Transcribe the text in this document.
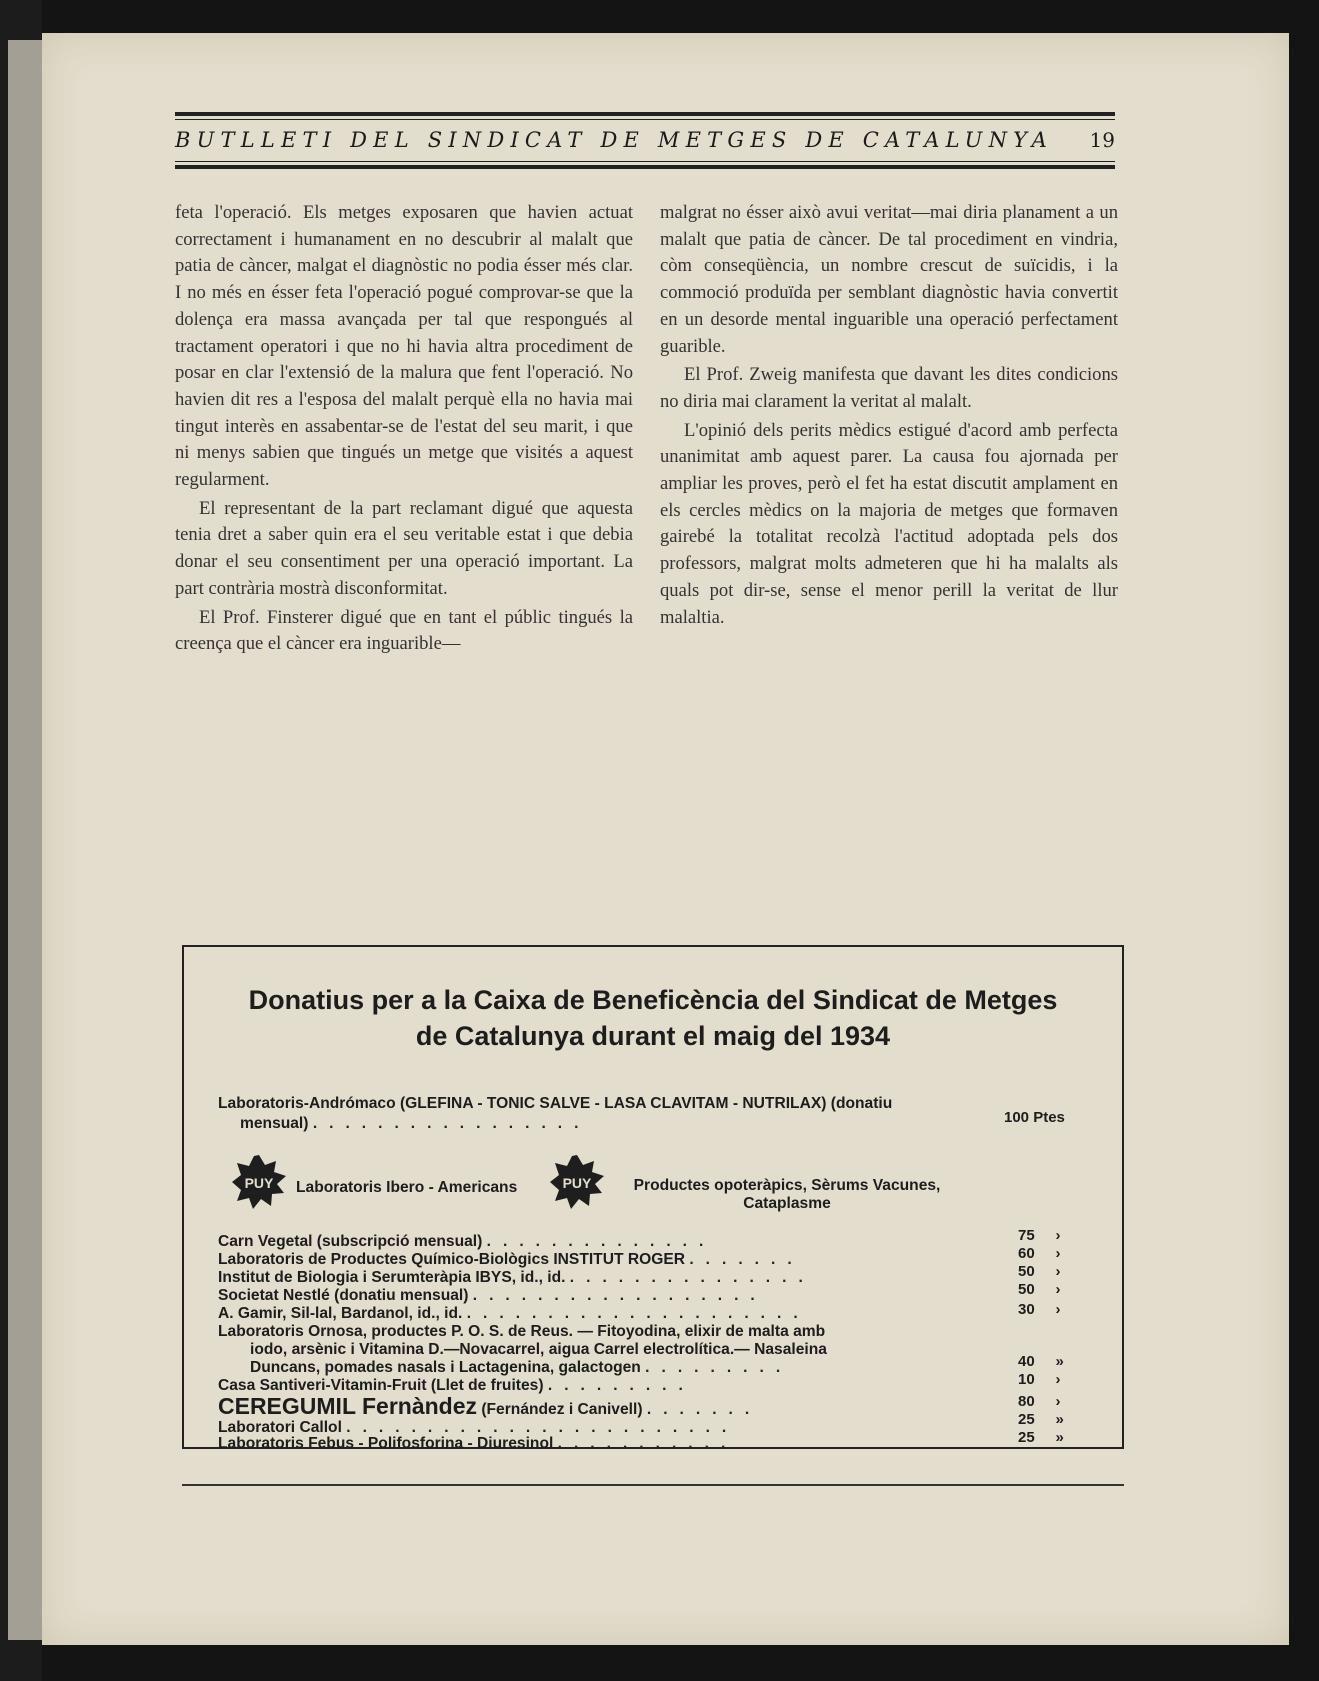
BUTLLETI DEL SINDICAT DE METGES DE CATALUNYA 19

feta l'operació. Els metges exposaren que havien actuat correctament i humanament en no descubrir al malalt que patia de càncer, malgat el diagnòstic no podia ésser més clar. I no més en ésser feta l'operació pogué comprovar-se que la dolença era massa avançada per tal que respongués al tractament operatori i que no hi havia altra procediment de posar en clar l'extensió de la malura que fent l'operació. No havien dit res a l'esposa del malalt perquè ella no havia mai tingut interès en assabentar-se de l'estat del seu marit, i que ni menys sabien que tingués un metge que visités a aquest regularment.

El representant de la part reclamant digué que aquesta tenia dret a saber quin era el seu veritable estat i que debia donar el seu consentiment per una operació important. La part contrària mostrà disconformitat.

El Prof. Finsterer digué que en tant el públic tingués la creença que el càncer era inguarible—

malgrat no ésser això avui veritat—mai diria planament a un malalt que patia de càncer. De tal procediment en vindria, còm conseqüència, un nombre crescut de suïcidis, i la commoció produïda per semblant diagnòstic havia convertit en un desorde mental inguarible una operació perfectament guarible.

El Prof. Zweig manifesta que davant les dites condicions no diria mai clarament la veritat al malalt.

L'opinió dels perits mèdics estigué d'acord amb perfecta unanimitat amb aquest parer. La causa fou ajornada per ampliar les proves, però el fet ha estat discutit amplament en els cercles mèdics on la majoria de metges que formaven gairebé la totalitat recolzà l'actitud adoptada pels dos professors, malgrat molts admeteren que hi ha malalts als quals pot dir-se, sense el menor perill la veritat de llur malaltia.

Donatius per a la Caixa de Beneficència del Sindicat de Metges
de Catalunya durant el maig del 1934
Laboratoris-Andrómaco (GLEFINA - TONIC SALVE - LASA CLAVITAM - NUTRILAX) (donatiu
mensual) .................	100 Ptes
PUY Laboratoris Ibero - Americans	PUY	Productes opoteràpics, Sèrums Vacunes,
Cataplasme
Carn Vegetal (subscripció mensual) ..............	75 ›
Laboratoris de Productes Químico-Biològics INSTITUT ROGER .......	60 ›
Institut de Biologia i Serumteràpia IBYS, id., id. ...............	50 ›
Societat Nestlé (donatiu mensual) ..................	50 ›
A. Gamir, Sil-lal, Bardanol, id., id. .....................	30 ›
Laboratoris Ornosa, productes P. O. S. de Reus. — Fitoyodina, elixir de malta amb
iodo, arsènic i Vitamina D.—Novacarrel, aigua Carrel electrolítica.— Nasaleina
Duncans, pomades nasals i Lactagenina, galactogen .........	40 »
Casa Santiveri-Vitamin-Fruit (Llet de fruites) .........	10 ›
CEREGUMIL Fernàndez (Fernández i Canivell) .......	80 ›
Laboratori Callol ........................	25 »
Laboratoris Febus - Polifosforina - Diuresinol ...........	25 »
